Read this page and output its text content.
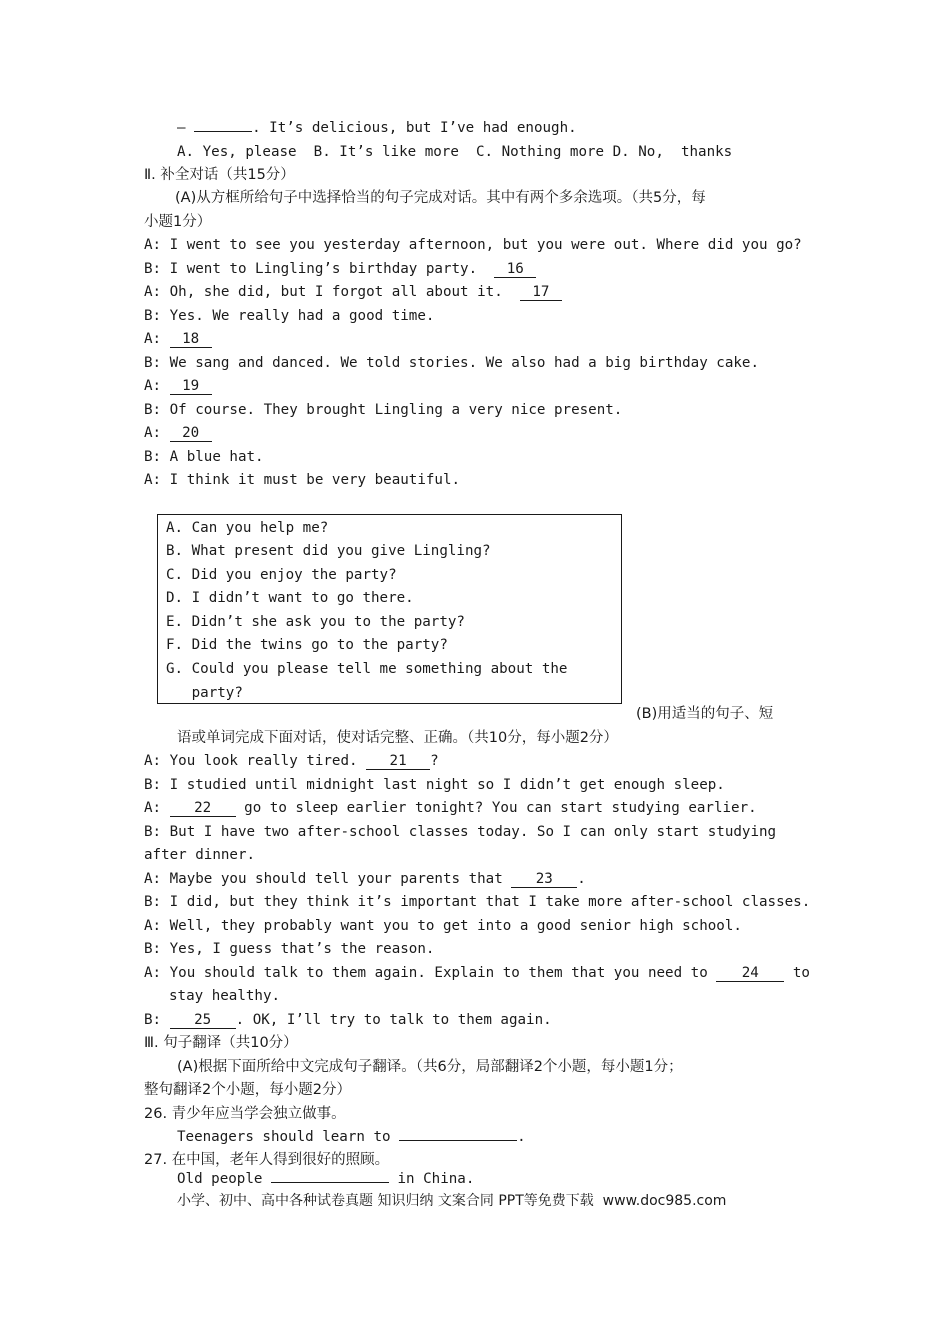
—	. It’s delicious, but I’ve had enough.
A. Yes, please  B. It’s like more  C. Nothing more D. No,  thanks
Ⅱ. 补全对话（共15分）
(A)从方框所给句子中选择恰当的句子完成对话。其中有两个多余选项。（共5分，每
小题1分）
A: I went to see you yesterday afternoon, but you were out. Where did you go?
B: I went to Lingling’s birthday party. 16
A: Oh, she did, but I forgot all about it. 17
B: Yes. We really had a good time.
A: 18
B: We sang and danced. We told stories. We also had a big birthday cake.
A: 19
B: Of course. They brought Lingling a very nice present.
A: 20
B: A blue hat.
A: I think it must be very beautiful.
A. Can you help me?
B. What present did you give Lingling?
C. Did you enjoy the party?
D. I didn’t want to go there.
E. Didn’t she ask you to the party?
F. Did the twins go to the party?
G. Could you please tell me something about the
party?
(B)用适当的句子、短
语或单词完成下面对话，使对话完整、正确。（共10分，每小题2分）
A: You look really tired. 21 ?
B: I studied until midnight last night so I didn’t get enough sleep.
A: 22 go to sleep earlier tonight? You can start studying earlier.
B: But I have two after-school classes today. So I can only start studying
after dinner.
A: Maybe you should tell your parents that 23 .
B: I did, but they think it’s important that I take more after-school classes.
A: Well, they probably want you to get into a good senior high school.
B: Yes, I guess that’s the reason.
A: You should talk to them again. Explain to them that you need to 24 to
stay healthy.
B: 25 . OK, I’ll try to talk to them again.
Ⅲ. 句子翻译（共10分）
(A)根据下面所给中文完成句子翻译。（共6分，局部翻译2个小题，每小题1分；
整句翻译2个小题，每小题2分）
26. 青少年应当学会独立做事。
Teenagers should learn to	.
27. 在中国，老年人得到很好的照顾。
Old people	in China.
小学、初中、高中各种试卷真题 知识归纳 文案合同 PPT等免费下载  www.doc985.com
